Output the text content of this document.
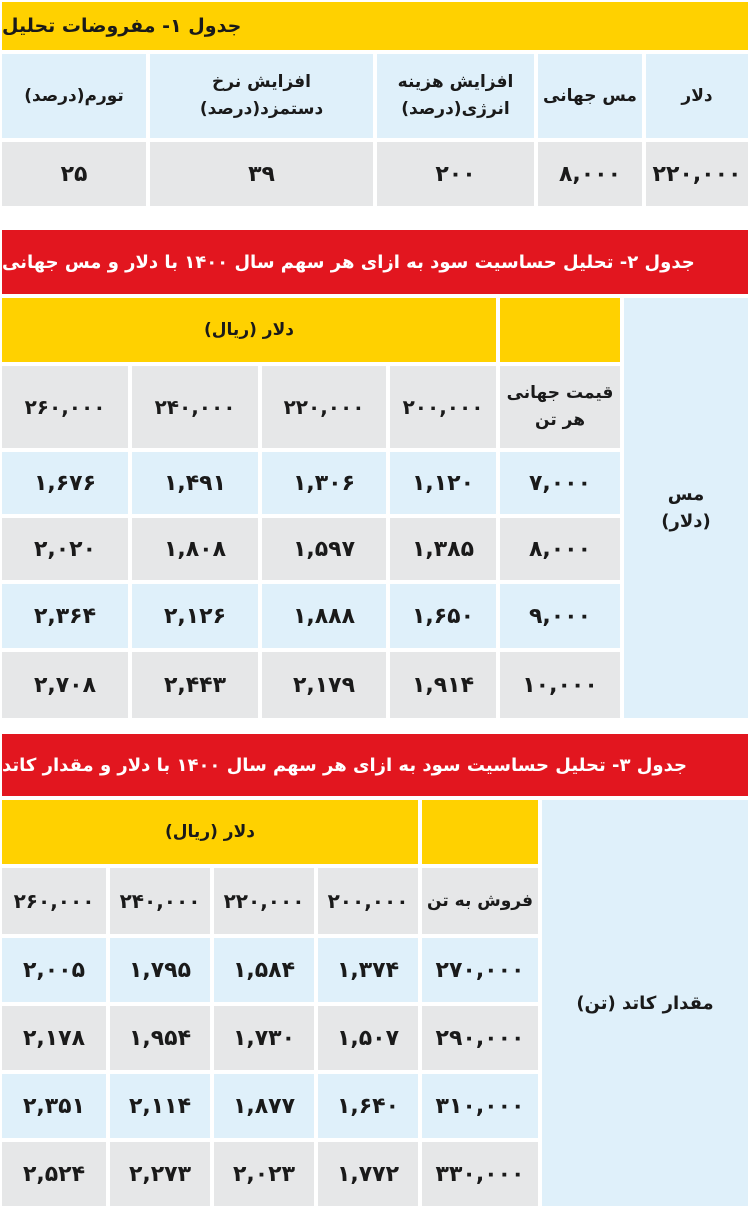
جدول ۱- مفروضات تحلیل
دلار
مس جهانی
افزایش هزینه
انرژی(درصد)
افزایش نرخ
دستمزد(درصد)
تورم(درصد)
۲۲۰,۰۰۰
۸,۰۰۰
۲۰۰
۳۹
۲۵
جدول ۲- تحلیل حساسیت سود به ازای هر سهم سال ۱۴۰۰ با دلار و مس جهانی
مس
(دلار)
دلار (ریال)
قیمت جهانی
هر تن
۲۰۰,۰۰۰
۲۲۰,۰۰۰
۲۴۰,۰۰۰
۲۶۰,۰۰۰
۷,۰۰۰
۱,۱۲۰
۱,۳۰۶
۱,۴۹۱
۱,۶۷۶
۸,۰۰۰
۱,۳۸۵
۱,۵۹۷
۱,۸۰۸
۲,۰۲۰
۹,۰۰۰
۱,۶۵۰
۱,۸۸۸
۲,۱۲۶
۲,۳۶۴
۱۰,۰۰۰
۱,۹۱۴
۲,۱۷۹
۲,۴۴۳
۲,۷۰۸
جدول ۳- تحلیل حساسیت سود به ازای هر سهم سال ۱۴۰۰ با دلار و مقدار کاتد
مقدار کاتد (تن)
دلار (ریال)
فروش به تن
۲۰۰,۰۰۰
۲۲۰,۰۰۰
۲۴۰,۰۰۰
۲۶۰,۰۰۰
۲۷۰,۰۰۰
۱,۳۷۴
۱,۵۸۴
۱,۷۹۵
۲,۰۰۵
۲۹۰,۰۰۰
۱,۵۰۷
۱,۷۳۰
۱,۹۵۴
۲,۱۷۸
۳۱۰,۰۰۰
۱,۶۴۰
۱,۸۷۷
۲,۱۱۴
۲,۳۵۱
۳۳۰,۰۰۰
۱,۷۷۲
۲,۰۲۳
۲,۲۷۳
۲,۵۲۴
